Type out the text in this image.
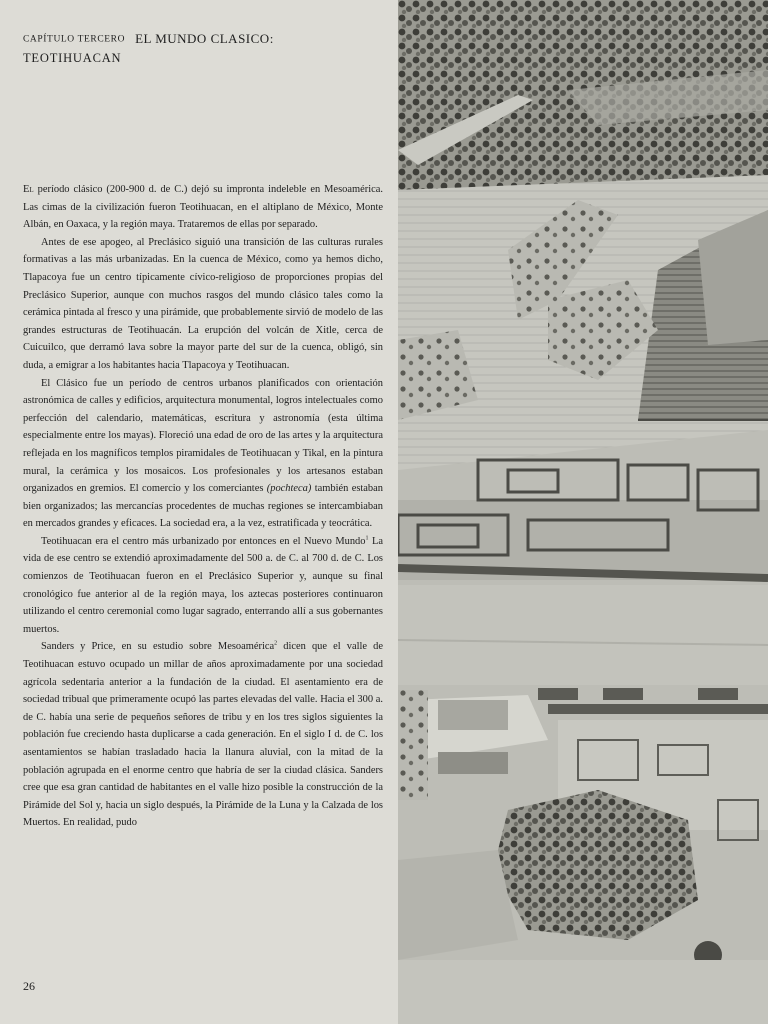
CAPÍTULO TERCERO EL MUNDO CLASICO:
TEOTIHUACAN

El período clásico (200-900 d. de C.) dejó su impronta indeleble en Mesoamérica. Las cimas de la civilización fueron Teotihuacan, en el altiplano de México, Monte Albán, en Oaxaca, y la región maya. Trataremos de ellas por separado.

Antes de ese apogeo, al Preclásico siguió una transición de las culturas rurales formativas a las más urbanizadas. En la cuenca de México, como ya hemos dicho, Tlapacoya fue un centro típicamente cívico-religioso de proporciones propias del Preclásico Superior, aunque con muchos rasgos del mundo clásico tales como la cerámica pintada al fresco y una pirámide, que probablemente sirvió de modelo de las grandes estructuras de Teotihuacán. La erupción del volcán de Xitle, cerca de Cuicuilco, que derramó lava sobre la mayor parte del sur de la cuenca, obligó, sin duda, a emigrar a los habitantes hacia Tlapacoya y Teotihuacan.

El Clásico fue un período de centros urbanos planificados con orientación astronómica de calles y edificios, arquitectura monumental, logros intelectuales como perfección del calendario, matemáticas, escritura y astronomía (esta última especialmente entre los mayas). Floreció una edad de oro de las artes y la arquitectura reflejada en los magníficos templos piramidales de Teotihuacan y Tikal, en la pintura mural, la cerámica y los mosaicos. Los profesionales y los artesanos estaban organizados en gremios. El comercio y los comerciantes (pochteca) también estaban bien organizados; las mercancías procedentes de muchas regiones se intercambiaban en mercados grandes y eficaces. La sociedad era, a la vez, estratificada y teocrática.

Teotihuacan era el centro más urbanizado por entonces en el Nuevo Mundo$^1$ La vida de ese centro se extendió aproximadamente del 500 a. de C. al 700 d. de C. Los comienzos de Teotihuacan fueron en el Preclásico Superior y, aunque su final cronológico fue anterior al de la región maya, los aztecas posteriores continuaron utilizando el centro ceremonial como lugar sagrado, enterrando allí a sus gobernantes muertos.

Sanders y Price, en su estudio sobre Mesoamérica$^2$ dicen que el valle de Teotihuacan estuvo ocupado un millar de años aproximadamente por una sociedad agrícola sedentaria anterior a la fundación de la ciudad. El asentamiento era de sociedad tribual que primeramente ocupó las partes elevadas del valle. Hacia el 300 a. de C. había una serie de pequeños señores de tribu y en los tres siglos siguientes la población fue creciendo hasta duplicarse a cada generación. En el siglo I d. de C. los asentamientos se habían trasladado hacia la llanura aluvial, con la mitad de la población agrupada en el enorme centro que habría de ser la ciudad clásica. Sanders cree que esa gran cantidad de habitantes en el valle hizo posible la construcción de la Pirámide del Sol y, hacia un siglo después, la Pirámide de la Luna y la Calzada de los Muertos. En realidad, pudo

26
